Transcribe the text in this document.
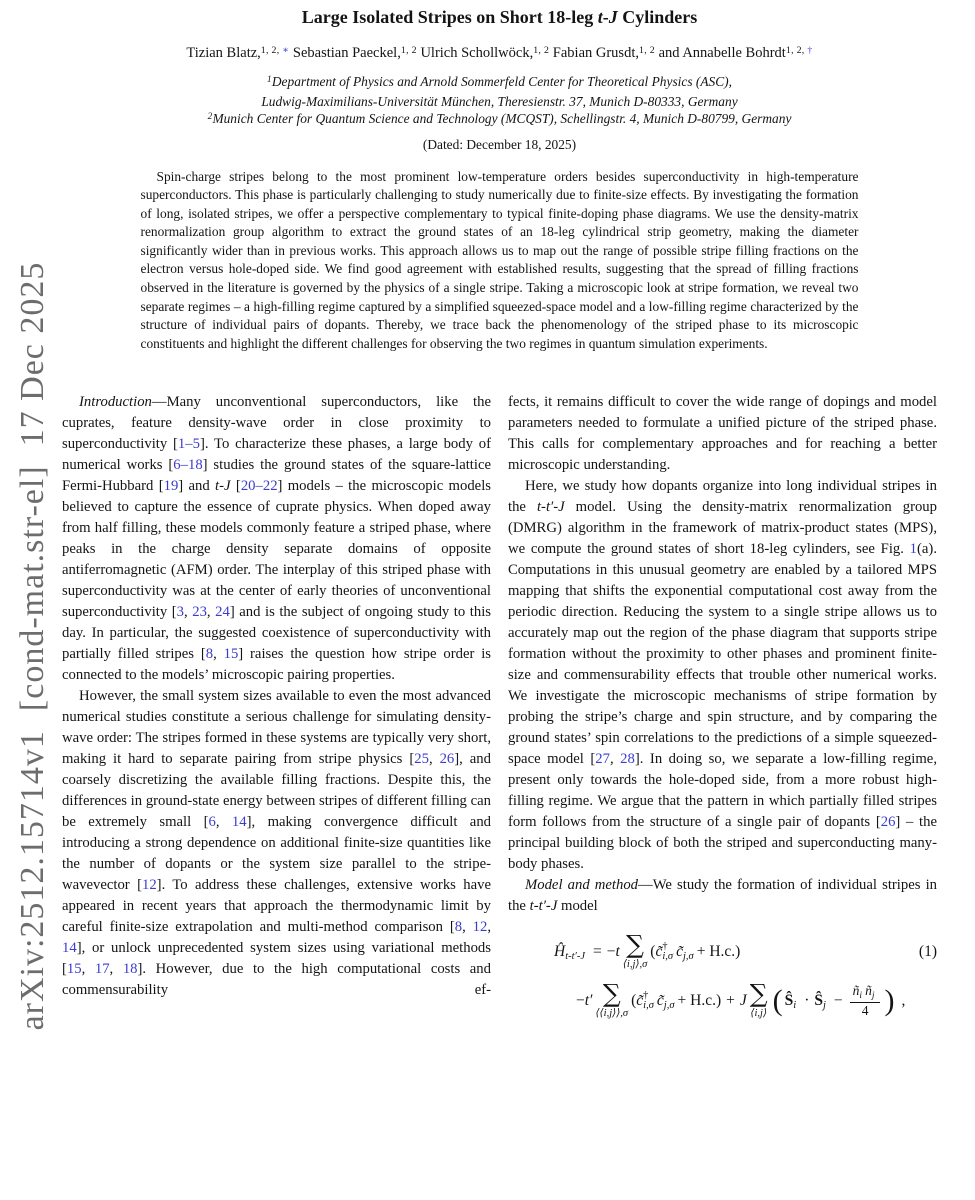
arXiv:2512.15714v1  [cond-mat.str-el]  17 Dec 2025
Large Isolated Stripes on Short 18-leg t-J Cylinders
Tizian Blatz,$^{1, 2,}$ ∗ Sebastian Paeckel,$^{1, 2}$ Ulrich Schollwöck,$^{1, 2}$ Fabian Grusdt,$^{1, 2}$ and Annabelle Bohrdt$^{1, 2,}$ †
$^1$Department of Physics and Arnold Sommerfeld Center for Theoretical Physics (ASC),
Ludwig-Maximilians-Universität München, Theresienstr. 37, Munich D-80333, Germany
$^2$Munich Center for Quantum Science and Technology (MCQST), Schellingstr. 4, Munich D-80799, Germany
(Dated: December 18, 2025)
Spin-charge stripes belong to the most prominent low-temperature orders besides superconductivity in high-temperature superconductors. This phase is particularly challenging to study numerically due to finite-size effects. By investigating the formation of long, isolated stripes, we offer a perspective complementary to typical finite-doping phase diagrams. We use the density-matrix renormalization group algorithm to extract the ground states of an 18-leg cylindrical strip geometry, making the diameter significantly wider than in previous works. This approach allows us to map out the range of possible stripe filling fractions on the electron versus hole-doped side. We find good agreement with established results, suggesting that the spread of filling fractions observed in the literature is governed by the physics of a single stripe. Taking a microscopic look at stripe formation, we reveal two separate regimes – a high-filling regime captured by a simplified squeezed-space model and a low-filling regime characterized by the structure of individual pairs of dopants. Thereby, we trace back the phenomenology of the striped phase to its microscopic constituents and highlight the different challenges for observing the two regimes in quantum simulation experiments.

Introduction—Many unconventional superconductors, like the cuprates, feature density-wave order in close proximity to superconductivity [1–5]. To characterize these phases, a large body of numerical works [6–18] studies the ground states of the square-lattice Fermi-Hubbard [19] and t-J [20–22] models – the microscopic models believed to capture the essence of cuprate physics. When doped away from half filling, these models commonly feature a striped phase, where peaks in the charge density separate domains of opposite antiferromagnetic (AFM) order. The interplay of this striped phase with superconductivity was at the center of early theories of unconventional superconductivity [3, 23, 24] and is the subject of ongoing study to this day. In particular, the suggested coexistence of superconductivity with partially filled stripes [8, 15] raises the question how stripe order is connected to the models’ microscopic pairing properties.

However, the small system sizes available to even the most advanced numerical studies constitute a serious challenge for simulating density-wave order: The stripes formed in these systems are typically very short, making it hard to separate pairing from stripe physics [25, 26], and coarsely discretizing the available filling fractions. Despite this, the differences in ground-state energy between stripes of different filling can be extremely small [6, 14], making convergence difficult and introducing a strong dependence on additional finite-size quantities like the number of dopants or the system size parallel to the stripe-wavevector [12]. To address these challenges, extensive works have appeared in recent years that approach the thermodynamic limit by careful finite-size extrapolation and multi-method comparison [8, 12, 14], or unlock unprecedented system sizes using variational methods [15, 17, 18]. However, due to the high computational costs and commensurability ef-

fects, it remains difficult to cover the wide range of dopings and model parameters needed to formulate a unified picture of the striped phase. This calls for complementary approaches and for reaching a better microscopic understanding.

Here, we study how dopants organize into long individual stripes in the t-t′-J model. Using the density-matrix renormalization group (DMRG) algorithm in the framework of matrix-product states (MPS), we compute the ground states of short 18-leg cylinders, see Fig. 1(a). Computations in this unusual geometry are enabled by a tailored MPS mapping that shifts the exponential computational cost away from the periodic direction. Reducing the system to a single stripe allows us to accurately map out the region of the phase diagram that supports stripe formation without the proximity to other phases and prominent finite-size and commensurability effects that trouble other numerical works. We investigate the microscopic mechanisms of stripe formation by probing the stripe’s charge and spin structure, and by comparing the ground states’ spin correlations to the predictions of a simple squeezed-space model [27, 28]. In doing so, we separate a low-filling regime, present only towards the hole-doped side, from a more robust high-filling regime. We argue that the pattern in which partially filled stripes form follows from the structure of a single pair of dopants [26] – the principal building block of both the striped and superconducting many-body phases.

Model and method—We study the formation of individual stripes in the t-t′-J model

Ĥ t-t′-J = − t ∑
⟨i,j⟩,σ
( c̃ †
i,σ c̃ j,σ + H.c. )	(1)
− t′ ∑
⟨⟨i,j⟩⟩,σ
( c̃ †
i,σ c̃ j,σ + H.c. ) + J ∑
⟨i,j⟩ ( Ŝ i · Ŝ $j - \frac{ñ_i ñ_j}{4}$ ) ,
